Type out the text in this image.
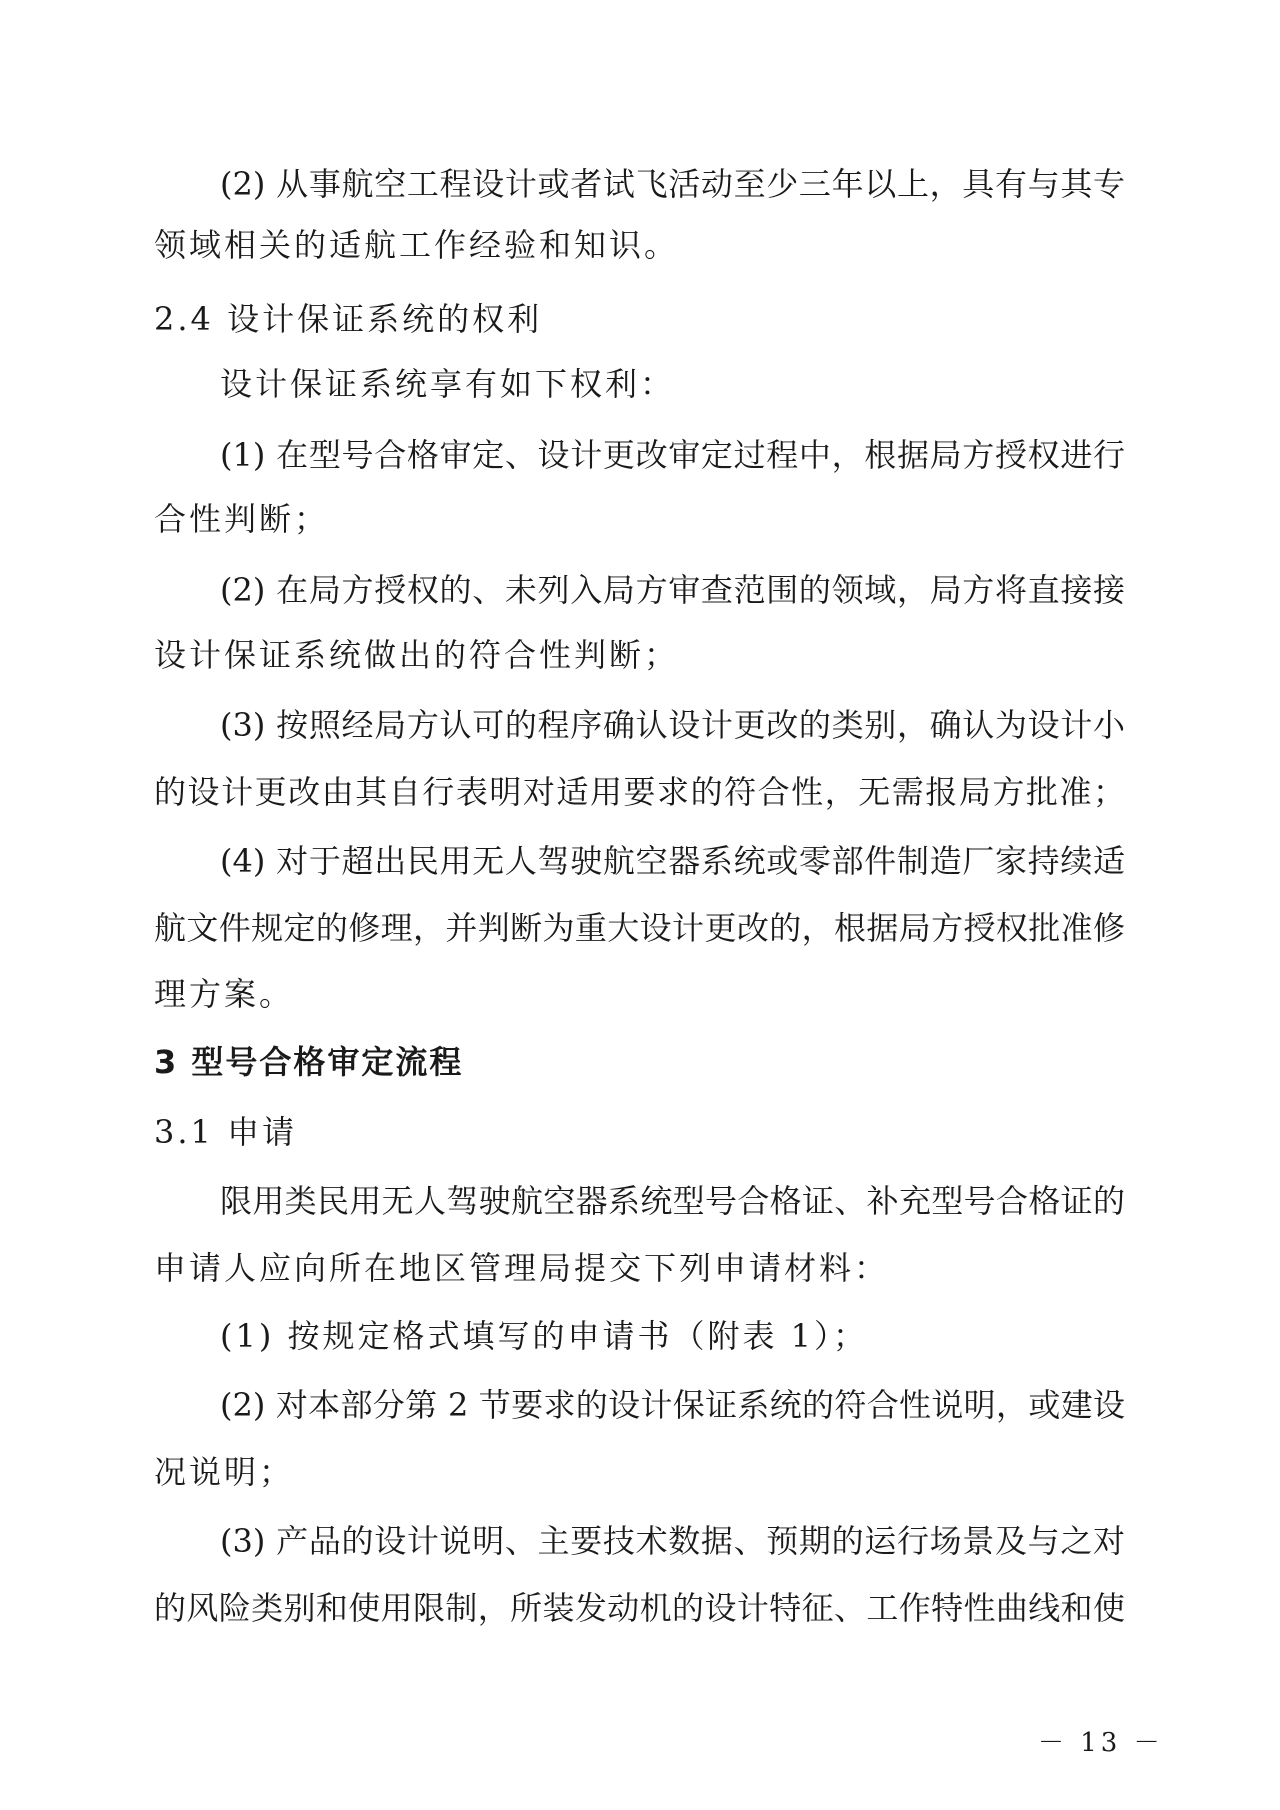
(2) 从事航空工程设计或者试飞活动至少三年以上，具有与其专
领域相关的适航工作经验和知识。
2.4 设计保证系统的权利
设计保证系统享有如下权利：
(1) 在型号合格审定、设计更改审定过程中，根据局方授权进行
合性判断；
(2) 在局方授权的、未列入局方审查范围的领域，局方将直接接
设计保证系统做出的符合性判断；
(3) 按照经局方认可的程序确认设计更改的类别，确认为设计小
的设计更改由其自行表明对适用要求的符合性，无需报局方批准；
(4) 对于超出民用无人驾驶航空器系统或零部件制造厂家持续适
航文件规定的修理，并判断为重大设计更改的，根据局方授权批准修
理方案。
3 型号合格审定流程
3.1 申请
限用类民用无人驾驶航空器系统型号合格证、补充型号合格证的
申请人应向所在地区管理局提交下列申请材料：
(1) 按规定格式填写的申请书（附表 1）；
(2) 对本部分第 2 节要求的设计保证系统的符合性说明，或建设
况说明；
(3) 产品的设计说明、主要技术数据、预期的运行场景及与之对
的风险类别和使用限制，所装发动机的设计特征、工作特性曲线和使
－ 13 －
